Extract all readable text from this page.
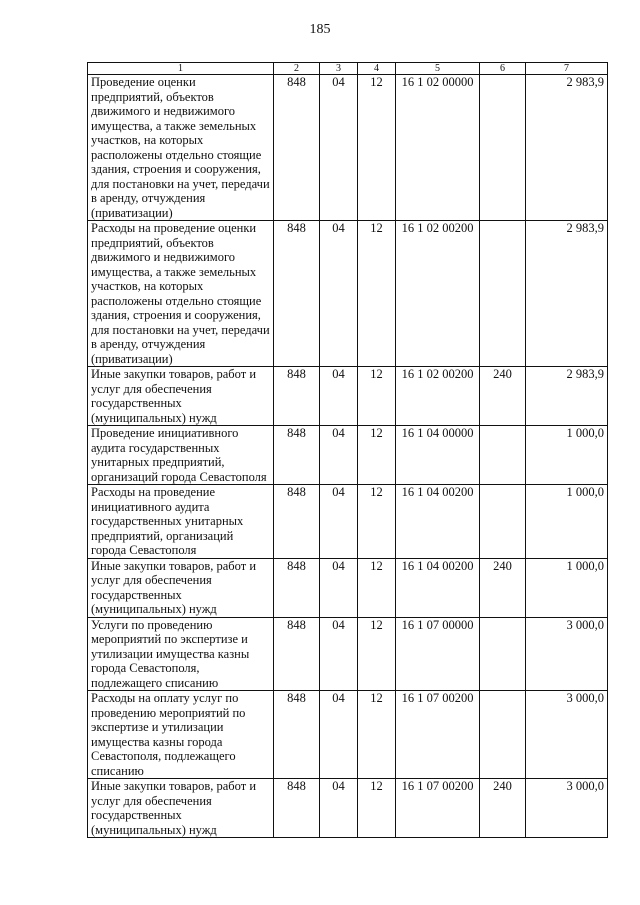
185
1	2	3	4	5	6	7
Проведение оценки предприятий, объектов движимого и недвижимого имущества, а также земельных участков, на которых расположены отдельно стоящие здания, строения и сооружения, для постановки на учет, передачи в аренду, отчуждения (приватизации)	848	04	12	16 1 02 00000		2 983,9
Расходы на проведение оценки предприятий, объектов движимого и недвижимого имущества, а также земельных участков, на которых расположены отдельно стоящие здания, строения и сооружения, для постановки на учет, передачи в аренду, отчуждения (приватизации)	848	04	12	16 1 02 00200		2 983,9
Иные закупки товаров, работ и услуг для обеспечения государственных (муниципальных) нужд	848	04	12	16 1 02 00200	240	2 983,9
Проведение инициативного аудита государственных унитарных предприятий, организаций города Севастополя	848	04	12	16 1 04 00000		1 000,0
Расходы на проведение инициативного аудита государственных унитарных предприятий, организаций города Севастополя	848	04	12	16 1 04 00200		1 000,0
Иные закупки товаров, работ и услуг для обеспечения государственных (муниципальных) нужд	848	04	12	16 1 04 00200	240	1 000,0
Услуги по проведению мероприятий по экспертизе и утилизации имущества казны города Севастополя, подлежащего списанию	848	04	12	16 1 07 00000		3 000,0
Расходы на оплату услуг по проведению мероприятий по экспертизе и утилизации имущества казны города Севастополя, подлежащего списанию	848	04	12	16 1 07 00200		3 000,0
Иные закупки товаров, работ и услуг для обеспечения государственных (муниципальных) нужд	848	04	12	16 1 07 00200	240	3 000,0
